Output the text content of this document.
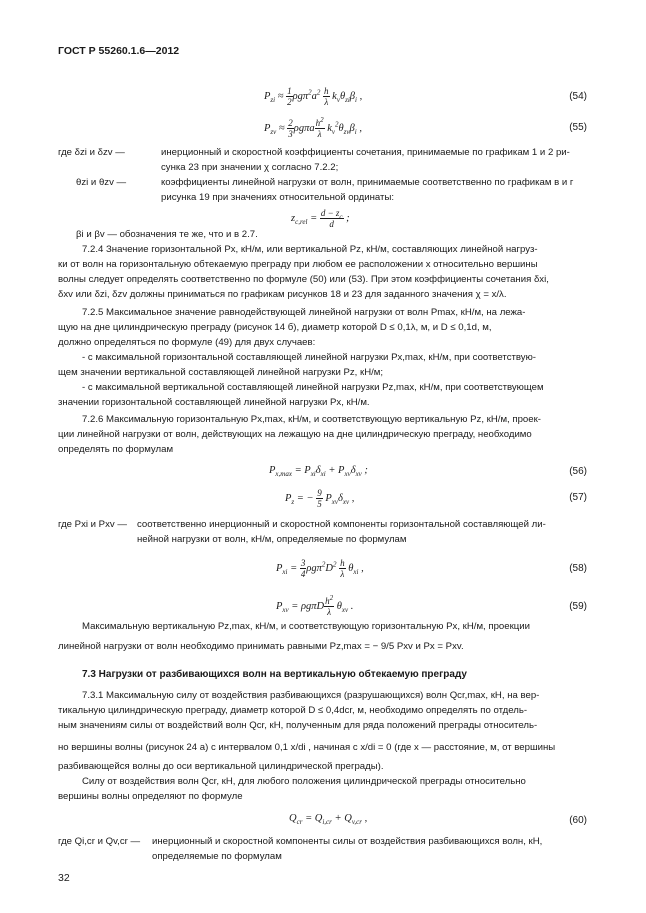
ГОСТ Р 55260.1.6—2012
$P_{zi} \approx \frac{1}{2} \rho g\pi^2a^2 \frac{h}{\lambda} k_v\theta_{zi}\beta_i$ ,	(54)
$P_{zv} \approx \frac{2}{3}$ ρgπa $\frac{h^2}{\lambda} k_v^2\theta_{zv}\beta_i$ ,	(55)
где δzi и δzv —	инерционный и скоростной коэффициенты сочетания, принимаемые по графикам 1 и 2 ри-
сунка 23 при значении χ согласно 7.2.2;
θzi и θzv —	коэффициенты линейной нагрузки от волн, принимаемые соответственно по графикам в и г
рисунка 19 при значениях относительной ординаты:
$z_{c,rel} = \frac{d - z_c}{d}$ ;
βi и βv — обозначения те же, что и в 2.7.
7.2.4 Значение горизонтальной Px, кН/м, или вертикальной Pz, кН/м, составляющих линейной нагруз-
ки от волн на горизонтальную обтекаемую преграду при любом ее расположении x относительно вершины
волны следует определять соответственно по формуле (50) или (53). При этом коэффициенты сочетания δxi,
δxv или δzi, δzv должны приниматься по графикам рисунков 18 и 23 для заданного значения χ = x/λ.
7.2.5 Максимальное значение равнодействующей линейной нагрузки от волн Pmax, кН/м, на лежа-
щую на дне цилиндрическую преграду (рисунок 14 б), диаметр которой D ≤ 0,1λ, м, и D ≤ 0,1d, м,
должно определяться по формуле (49) для двух случаев:
- с максимальной горизонтальной составляющей линейной нагрузки Px,max, кН/м, при соответствую-
щем значении вертикальной составляющей линейной нагрузки Pz, кН/м;
- с максимальной вертикальной составляющей линейной нагрузки Pz,max, кН/м, при соответствующем
значении горизонтальной составляющей линейной нагрузки Px, кН/м.
7.2.6 Максимальную горизонтальную Px,max, кН/м, и соответствующую вертикальную Pz, кН/м, проек-
ции линейной нагрузки от волн, действующих на лежащую на дне цилиндрическую преграду, необходимо
определять по формулам
$P_{x,max} = P_{xi}\delta_{xi} + P_{xv}\delta_{xv}$ ;	(56)
$P_z$ = − $\frac{9}{5} P_{xv}\delta_{xv}$ ,	(57)
где Pxi и Pxv — соответственно инерционный и скоростной компоненты горизонтальной составляющей ли-
нейной нагрузки от волн, кН/м, определяемые по формулам
$P_{xi} = \frac{3}{4} \rho g\pi^2D^2 \frac{h}{\lambda} \theta_{xi}$ ,	(58)
$P_{xv} = \rho g\pi D \frac{h^2}{\lambda} \theta_{xv}$ .	(59)
Максимальную вертикальную Pz,max, кН/м, и соответствующую горизонтальную Px, кН/м, проекции
линейной нагрузки от волн необходимо принимать равными Pz,max = − 9/5 Pxv и Px = Pxv.
7.3 Нагрузки от разбивающихся волн на вертикальную обтекаемую преграду
7.3.1 Максимальную силу от воздействия разбивающихся (разрушающихся) волн Qcr,max, кН, на вер-
тикальную цилиндрическую преграду, диаметр которой D ≤ 0,4dcr, м, необходимо определять по отдель-
ным значениям силы от воздействий волн Qcr, кН, полученным для ряда положений преграды относитель-
но вершины волны (рисунок 24 а) с интервалом 0,1 x/di , начиная с x/di = 0 (где x — расстояние, м, от вершины
разбивающейся волны до оси вертикальной цилиндрической преграды).
Силу от воздействия волн Qcr, кН, для любого положения цилиндрической преграды относительно
вершины волны определяют по формуле
$Q_{cr} = Q_{i,cr} + Q_{v,cr}$ ,	(60)
где Qi,cr и Qv,cr — инерционный и скоростной компоненты силы от воздействия разбивающихся волн, кН,
определяемые по формулам
32
